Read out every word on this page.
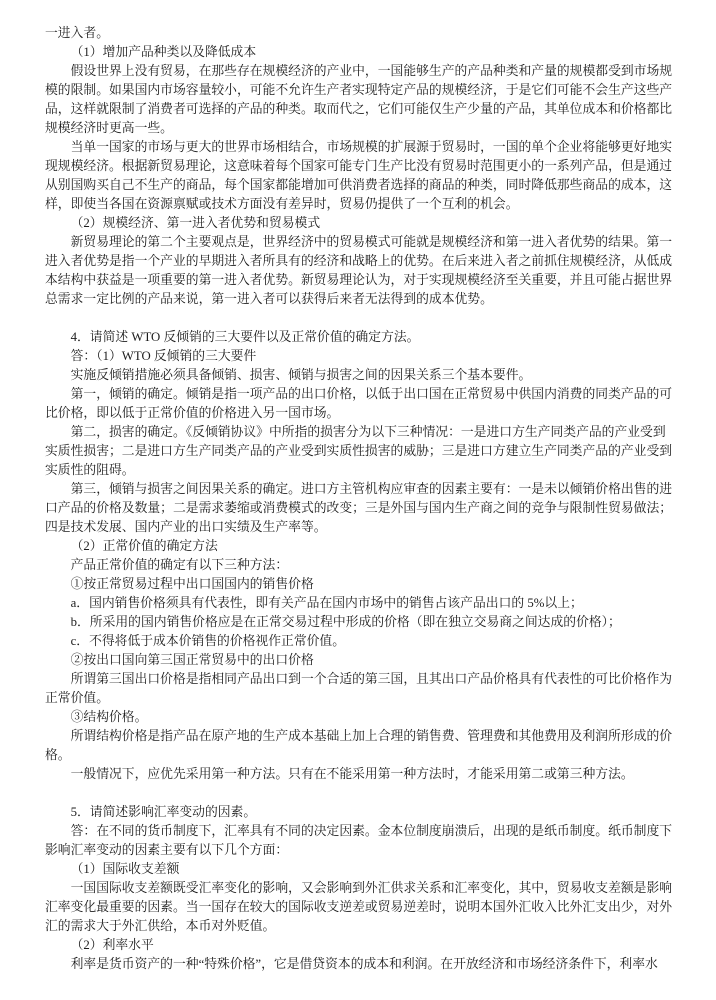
一进入者。
（1）增加产品种类以及降低成本
假设世界上没有贸易，在那些存在规模经济的产业中，一国能够生产的产品种类和产量的规模都受到市场规
模的限制。如果国内市场容量较小，可能不允许生产者实现特定产品的规模经济，于是它们可能不会生产这些产
品，这样就限制了消费者可选择的产品的种类。取而代之，它们可能仅生产少量的产品，其单位成本和价格都比
规模经济时更高一些。
当单一国家的市场与更大的世界市场相结合，市场规模的扩展源于贸易时，一国的单个企业将能够更好地实
现规模经济。根据新贸易理论，这意味着每个国家可能专门生产比没有贸易时范围更小的一系列产品，但是通过
从别国购买自己不生产的商品，每个国家都能增加可供消费者选择的商品的种类，同时降低那些商品的成本，这
样，即使当各国在资源禀赋或技术方面没有差异时，贸易仍提供了一个互利的机会。
（2）规模经济、第一进入者优势和贸易模式
新贸易理论的第二个主要观点是，世界经济中的贸易模式可能就是规模经济和第一进入者优势的结果。第一
进入者优势是指一个产业的早期进入者所具有的经济和战略上的优势。在后来进入者之前抓住规模经济，从低成
本结构中获益是一项重要的第一进入者优势。新贸易理论认为，对于实现规模经济至关重要，并且可能占据世界
总需求一定比例的产品来说，第一进入者可以获得后来者无法得到的成本优势。

4．请简述 WTO 反倾销的三大要件以及正常价值的确定方法。
答：（1）WTO 反倾销的三大要件
实施反倾销措施必须具备倾销、损害、倾销与损害之间的因果关系三个基本要件。
第一，倾销的确定。倾销是指一项产品的出口价格，以低于出口国在正常贸易中供国内消费的同类产品的可
比价格，即以低于正常价值的价格进入另一国市场。
第二，损害的确定。《反倾销协议》中所指的损害分为以下三种情况：一是进口方生产同类产品的产业受到
实质性损害；二是进口方生产同类产品的产业受到实质性损害的威胁；三是进口方建立生产同类产品的产业受到
实质性的阻碍。
第三，倾销与损害之间因果关系的确定。进口方主管机构应审查的因素主要有：一是未以倾销价格出售的进
口产品的价格及数量；二是需求萎缩或消费模式的改变；三是外国与国内生产商之间的竞争与限制性贸易做法；
四是技术发展、国内产业的出口实绩及生产率等。
（2）正常价值的确定方法
产品正常价值的确定有以下三种方法：
①按正常贸易过程中出口国国内的销售价格
a．国内销售价格须具有代表性，即有关产品在国内市场中的销售占该产品出口的 5%以上；
b．所采用的国内销售价格应是在正常交易过程中形成的价格（即在独立交易商之间达成的价格）；
c．不得将低于成本价销售的价格视作正常价值。
②按出口国向第三国正常贸易中的出口价格
所谓第三国出口价格是指相同产品出口到一个合适的第三国，且其出口产品价格具有代表性的可比价格作为
正常价值。
③结构价格。
所谓结构价格是指产品在原产地的生产成本基础上加上合理的销售费、管理费和其他费用及利润所形成的价
格。
一般情况下，应优先采用第一种方法。只有在不能采用第一种方法时，才能采用第二或第三种方法。

5．请简述影响汇率变动的因素。
答：在不同的货币制度下，汇率具有不同的决定因素。金本位制度崩溃后，出现的是纸币制度。纸币制度下
影响汇率变动的因素主要有以下几个方面：
（1）国际收支差额
一国国际收支差额既受汇率变化的影响，又会影响到外汇供求关系和汇率变化，其中，贸易收支差额是影响
汇率变化最重要的因素。当一国存在较大的国际收支逆差或贸易逆差时，说明本国外汇收入比外汇支出少，对外
汇的需求大于外汇供给，本币对外贬值。
（2）利率水平
利率是货币资产的一种“特殊价格”，它是借贷资本的成本和利润。在开放经济和市场经济条件下，利率水
